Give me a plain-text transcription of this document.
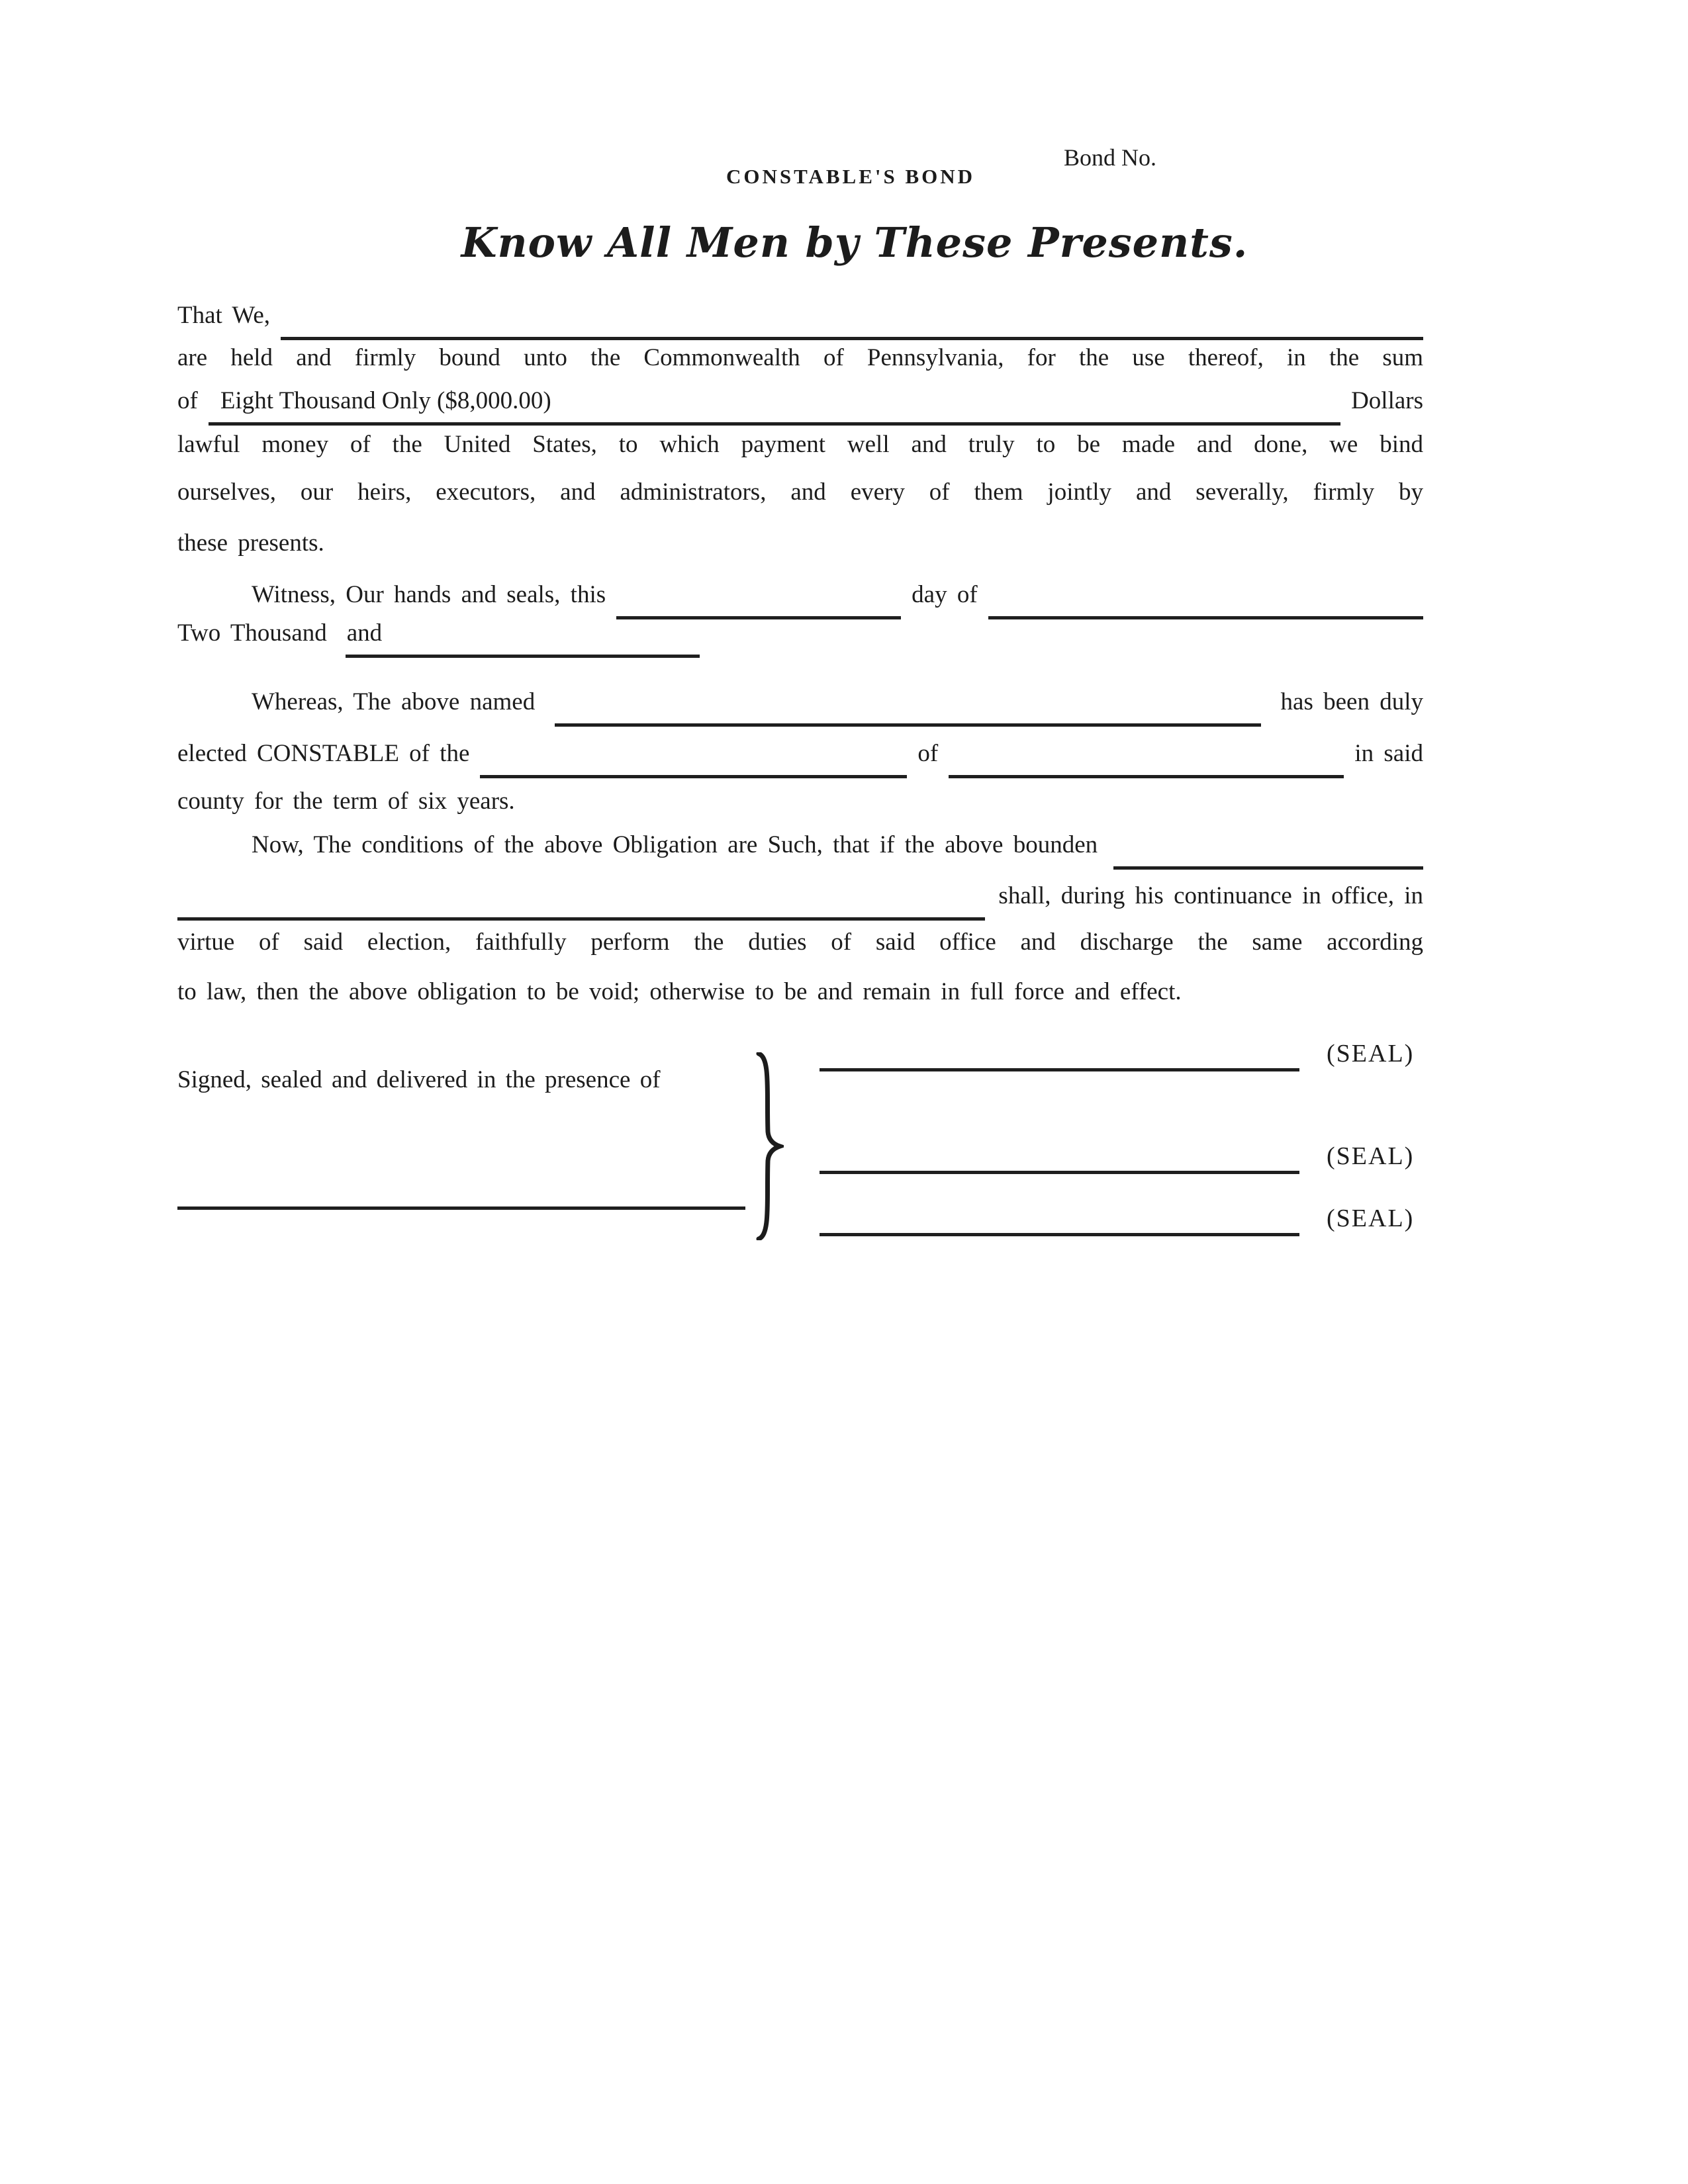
Bond No.
CONSTABLE'S BOND
Know All Men by These Presents.
That We,
​
are held and firmly bound unto the Commonwealth of Pennsylvania, for the use thereof, in the sum
of Eight Thousand Only ($8,000.00) ​	Dollars
lawful money of the United States, to which payment well and truly to be made and done, we bind
ourselves, our heirs, executors, and administrators, and every of them jointly and severally, firmly by
these presents.
Witness, Our hands and seals, this ​	day of
​
Two Thousand and ​
Whereas, The above named ​	has been duly
elected CONSTABLE of the ​	of ​	in said
county for the term of six years.
Now, The conditions of the above Obligation are Such, that if the above bounden
​
​
shall, during his continuance in office, in
virtue of said election, faithfully perform the duties of said office and discharge the same according
to law, then the above obligation to be void; otherwise to be and remain in full force and effect.
Signed, sealed and delivered in the presence of
​
(SEAL)
​
(SEAL)
​
(SEAL)
